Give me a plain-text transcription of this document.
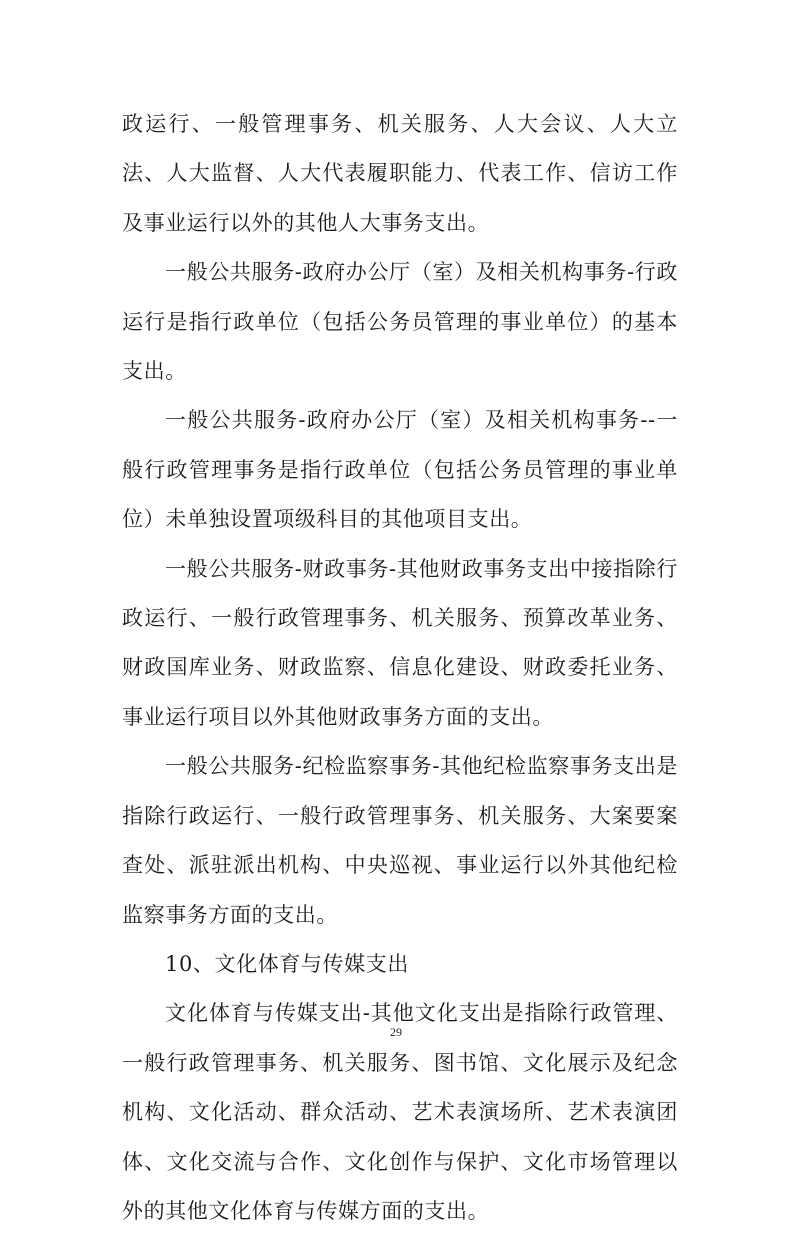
政运行、一般管理事务、机关服务、人大会议、人大立法、人大监督、人大代表履职能力、代表工作、信访工作及事业运行以外的其他人大事务支出。

一般公共服务-政府办公厅（室）及相关机构事务-行政运行是指行政单位（包括公务员管理的事业单位）的基本支出。

一般公共服务-政府办公厅（室）及相关机构事务--一般行政管理事务是指行政单位（包括公务员管理的事业单位）未单独设置项级科目的其他项目支出。

一般公共服务-财政事务-其他财政事务支出中接指除行政运行、一般行政管理事务、机关服务、预算改革业务、财政国库业务、财政监察、信息化建设、财政委托业务、事业运行项目以外其他财政事务方面的支出。

一般公共服务-纪检监察事务-其他纪检监察事务支出是指除行政运行、一般行政管理事务、机关服务、大案要案查处、派驻派出机构、中央巡视、事业运行以外其他纪检监察事务方面的支出。

10、文化体育与传媒支出

文化体育与传媒支出-其他文化支出是指除行政管理、一般行政管理事务、机关服务、图书馆、文化展示及纪念机构、文化活动、群众活动、艺术表演场所、艺术表演团体、文化交流与合作、文化创作与保护、文化市场管理以外的其他文化体育与传媒方面的支出。

29
